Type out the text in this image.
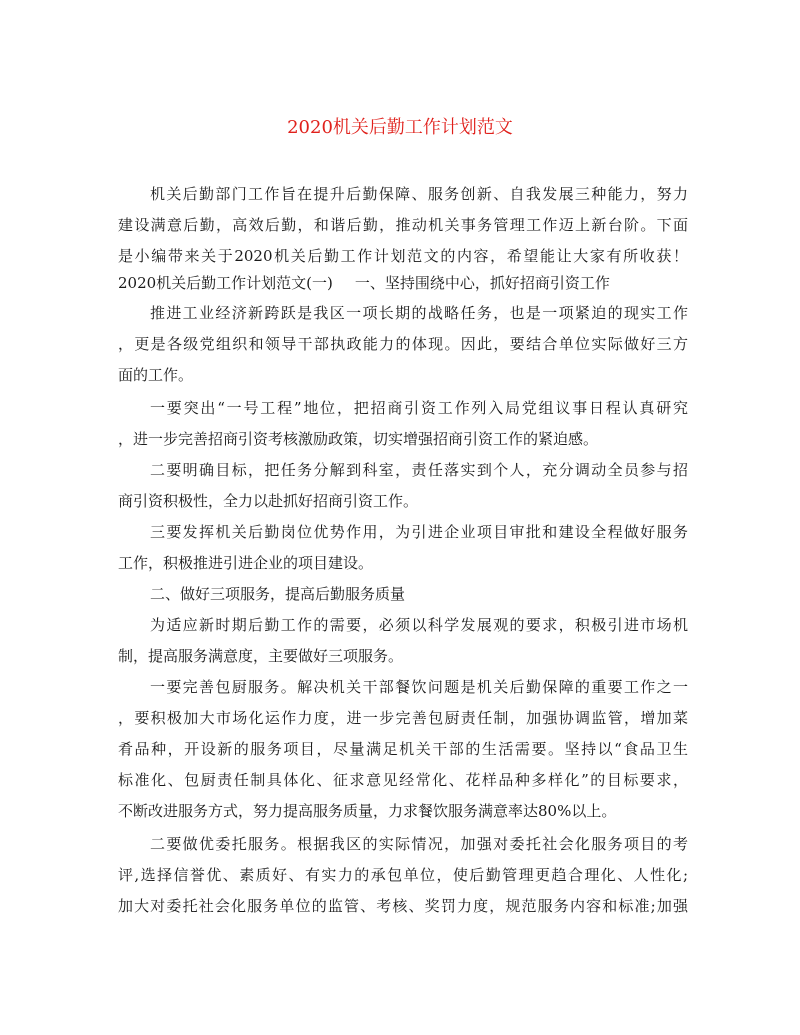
2020机关后勤工作计划范文

机关后勤部门工作旨在提升后勤保障、服务创新、自我发展三种能力，努力

建设满意后勤，高效后勤，和谐后勤，推动机关事务管理工作迈上新台阶。下面

是小编带来关于2020机关后勤工作计划范文的内容，希望能让大家有所收获！

2020机关后勤工作计划范文(一) 一、坚持围绕中心，抓好招商引资工作

推进工业经济新跨跃是我区一项长期的战略任务，也是一项紧迫的现实工作

，更是各级党组织和领导干部执政能力的体现。因此，要结合单位实际做好三方

面的工作。

一要突出“一号工程”地位，把招商引资工作列入局党组议事日程认真研究

，进一步完善招商引资考核激励政策，切实增强招商引资工作的紧迫感。

二要明确目标，把任务分解到科室，责任落实到个人，充分调动全员参与招

商引资积极性，全力以赴抓好招商引资工作。

三要发挥机关后勤岗位优势作用，为引进企业项目审批和建设全程做好服务

工作，积极推进引进企业的项目建设。

二、做好三项服务，提高后勤服务质量

为适应新时期后勤工作的需要，必须以科学发展观的要求，积极引进市场机

制，提高服务满意度，主要做好三项服务。

一要完善包厨服务。解决机关干部餐饮问题是机关后勤保障的重要工作之一

，要积极加大市场化运作力度，进一步完善包厨责任制，加强协调监管，增加菜

肴品种，开设新的服务项目，尽量满足机关干部的生活需要。坚持以“食品卫生

标准化、包厨责任制具体化、征求意见经常化、花样品种多样化”的目标要求，

不断改进服务方式，努力提高服务质量，力求餐饮服务满意率达80%以上。

二要做优委托服务。根据我区的实际情况，加强对委托社会化服务项目的考

评,选择信誉优、素质好、有实力的承包单位，使后勤管理更趋合理化、人性化;

加大对委托社会化服务单位的监管、考核、奖罚力度，规范服务内容和标准;加强
